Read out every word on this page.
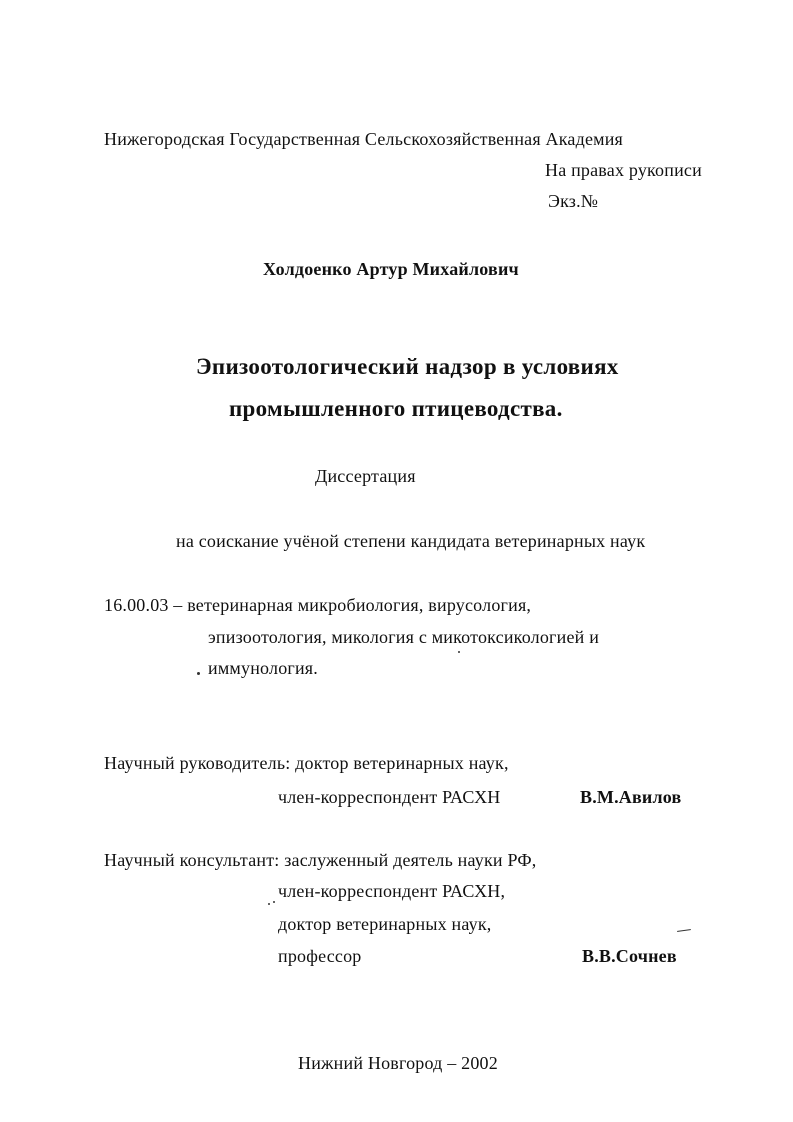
Нижегородская Государственная Сельскохозяйственная Академия
На правах рукописи
Экз.№
Холдоенко Артур Михайлович
Эпизоотологический надзор в условиях
промышленного птицеводства.
Диссертация
на соискание учёной степени кандидата ветеринарных наук
16.00.03 – ветеринарная микробиология, вирусология,
эпизоотология, микология с микотоксикологией и
иммунология.
Научный руководитель: доктор ветеринарных наук,
член-корреспондент РАСХН	В.М.Авилов
Научный консультант: заслуженный деятель науки РФ,
член-корреспондент РАСХН,
доктор ветеринарных наук,
профессор	В.В.Сочнев
Нижний Новгород – 2002
